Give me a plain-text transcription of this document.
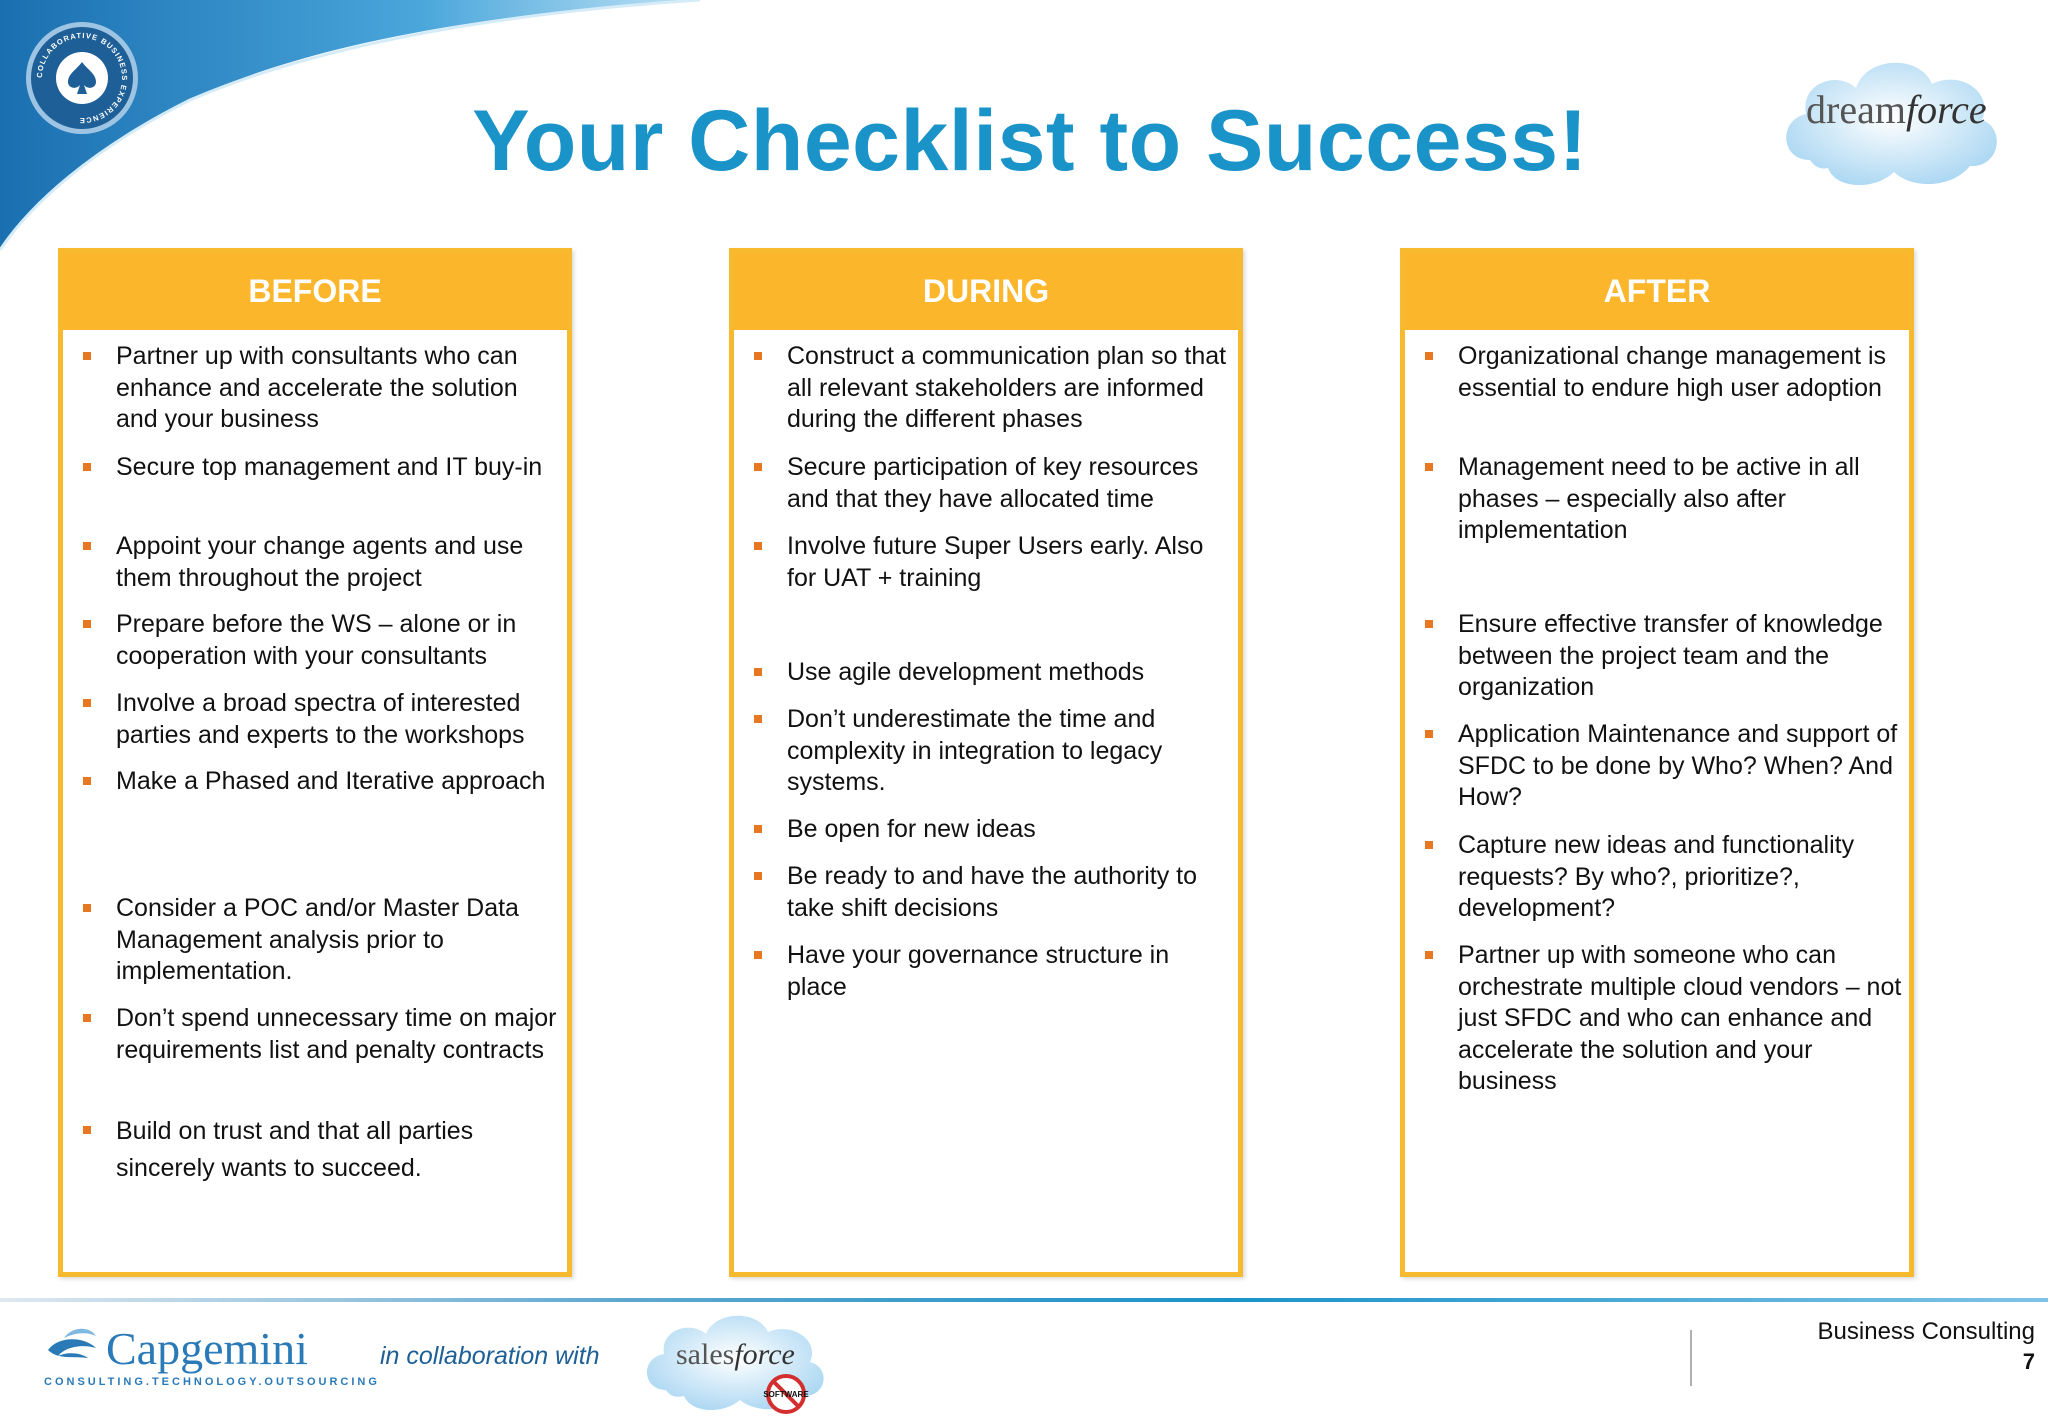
COLLABORATIVE BUSINESS EXPERIENCE	Your Checklist to Success!	dreamforce
BEFORE
Partner up with consultants who can enhance and accelerate the solution and your business
Secure top management and IT buy-in
Appoint your change agents and use them throughout the project
Prepare before the WS – alone or in cooperation with your consultants
Involve a broad spectra of interested parties and experts to the workshops
Make a Phased and Iterative approach
Consider a POC and/or Master Data Management analysis prior to implementation.
Don’t spend unnecessary time on major requirements list and penalty contracts
Build on trust and that all parties sincerely wants to succeed.
DURING
Construct a communication plan so that all relevant stakeholders are informed during the different phases
Secure participation of key resources and that they have allocated time
Involve future Super Users early. Also for UAT + training
Use agile development methods
Don’t underestimate the time and complexity in integration to legacy systems.
Be open for new ideas
Be ready to and have the authority to take shift decisions
Have your governance structure in place
AFTER
Organizational change management is essential to endure high user adoption
Management need to be active in all phases – especially also after implementation
Ensure effective transfer of knowledge between the project team and the organization
Application Maintenance and support of SFDC to be done by Who? When? And How?
Capture new ideas and functionality requests? By who?, prioritize?, development?
Partner up with someone who can orchestrate multiple cloud vendors – not just SFDC and who can enhance and accelerate the solution and your business
Capgemini
CONSULTING.TECHNOLOGY.OUTSOURCING
in collaboration with
SOFTWARE
salesforce
Business Consulting
7
